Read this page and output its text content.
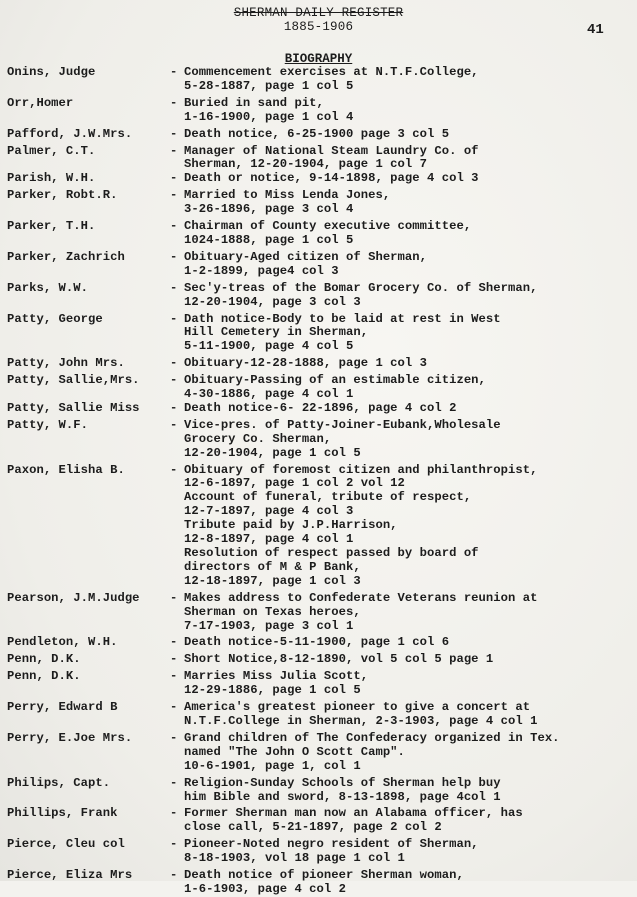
SHERMAN DAILY REGISTER
1885-1906	41
BIOGRAPHY
Onins, Judge	- Commencement exercises at N.T.F.College,
5-28-1887, page 1 col 5
Orr,Homer	- Buried in sand pit,
1-16-1900, page 1 col 4
Pafford, J.W.Mrs.	- Death notice, 6-25-1900 page 3 col 5
Palmer, C.T.	- Manager of National Steam Laundry Co. of
Sherman, 12-20-1904, page 1 col 7
Parish, W.H.	- Death or notice, 9-14-1898, page 4 col 3
Parker, Robt.R.	- Married to Miss Lenda Jones,
3-26-1896, page 3 col 4
Parker, T.H.	- Chairman of County executive committee,
1024-1888, page 1 col 5
Parker, Zachrich	- Obituary-Aged citizen of Sherman,
1-2-1899, page4 col 3
Parks, W.W.	- Sec'y-treas of the Bomar Grocery Co. of Sherman,
12-20-1904, page 3 col 3
Patty, George	- Dath notice-Body to be laid at rest in West
Hill Cemetery in Sherman,
5-11-1900, page 4 col 5
Patty, John Mrs.	- Obituary-12-28-1888, page 1 col 3
Patty, Sallie,Mrs.	- Obituary-Passing of an estimable citizen,
4-30-1886, page 4 col 1
Patty, Sallie Miss	- Death notice-6- 22-1896, page 4 col 2
Patty, W.F.	- Vice-pres. of Patty-Joiner-Eubank,Wholesale
Grocery Co. Sherman,
12-20-1904, page 1 col 5
Paxon, Elisha B.	- Obituary of foremost citizen and philanthropist,
12-6-1897, page 1 col 2 vol 12
Account of funeral, tribute of respect,
12-7-1897, page 4 col 3
Tribute paid by J.P.Harrison,
12-8-1897, page 4 col 1
Resolution of respect passed by board of
directors of M & P Bank,
12-18-1897, page 1 col 3
Pearson, J.M.Judge	- Makes address to Confederate Veterans reunion at
Sherman on Texas heroes,
7-17-1903, page 3 col 1
Pendleton, W.H.	- Death notice-5-11-1900, page 1 col 6
Penn, D.K.	- Short Notice,8-12-1890, vol 5 col 5 page 1
Penn, D.K.	- Marries Miss Julia Scott,
12-29-1886, page 1 col 5
Perry, Edward B	- America's greatest pioneer to give a concert at
N.T.F.College in Sherman, 2-3-1903, page 4 col 1
Perry, E.Joe Mrs.	- Grand children of The Confederacy organized in Tex.
named "The John O Scott Camp".
10-6-1901, page 1, col 1
Philips, Capt.	- Religion-Sunday Schools of Sherman help buy
him Bible and sword, 8-13-1898, page 4col 1
Phillips, Frank	- Former Sherman man now an Alabama officer, has
close call, 5-21-1897, page 2 col 2
Pierce, Cleu col	- Pioneer-Noted negro resident of Sherman,
8-18-1903, vol 18 page 1 col 1
Pierce, Eliza Mrs	- Death notice of pioneer Sherman woman,
1-6-1903, page 4 col 2
